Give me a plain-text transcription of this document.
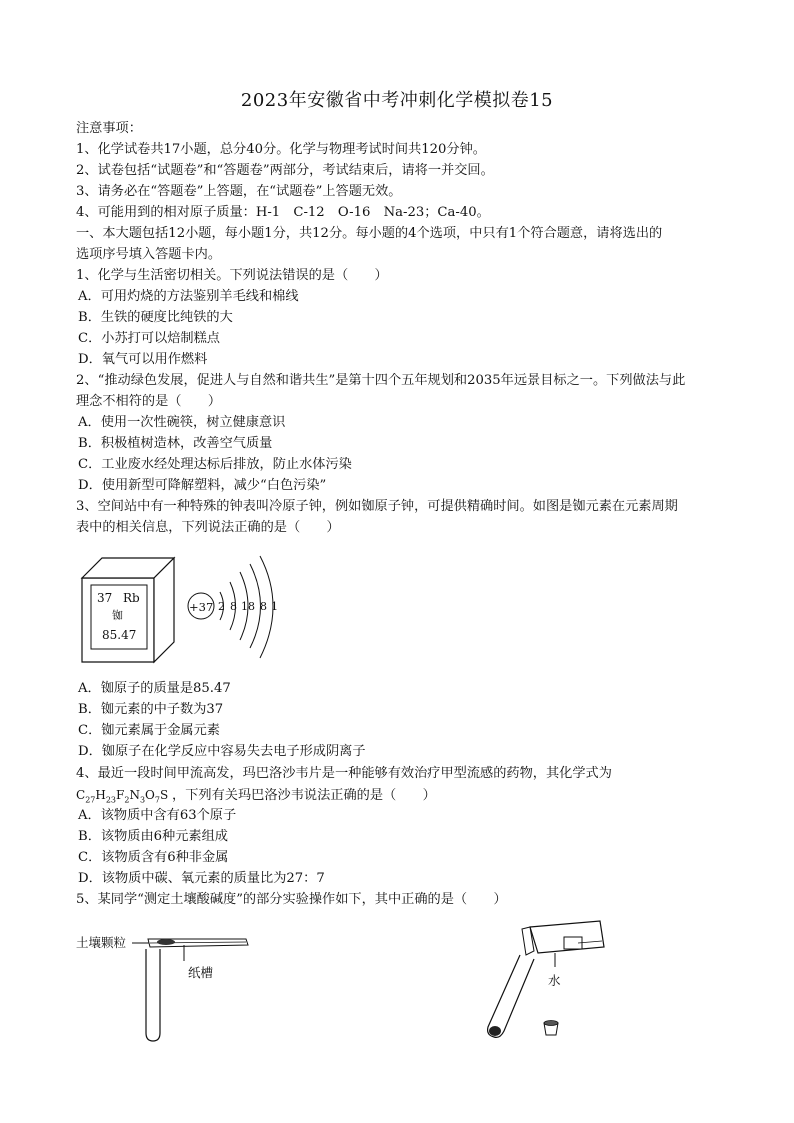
2023年安徽省中考冲刺化学模拟卷15
注意事项：
1、化学试卷共17小题，总分40分。化学与物理考试时间共120分钟。
2、试卷包括“试题卷”和“答题卷”两部分，考试结束后，请将一并交回。
3、请务必在“答题卷”上答题，在“试题卷”上答题无效。
4、可能用到的相对原子质量：H-1　C-12　O-16　Na-23；Ca-40。
一、本大题包括12小题，每小题1分，共12分。每小题的4个选项，中只有1个符合题意，请将选出的
选项序号填入答题卡内。
1、化学与生活密切相关。下列说法错误的是（　　）
A．可用灼烧的方法鉴别羊毛线和棉线
B．生铁的硬度比纯铁的大
C．小苏打可以焙制糕点
D．氧气可以用作燃料
2、“推动绿色发展，促进人与自然和谐共生”是第十四个五年规划和2035年远景目标之一。下列做法与此
理念不相符的是（　　）
A．使用一次性碗筷，树立健康意识
B．积极植树造林，改善空气质量
C．工业废水经处理达标后排放，防止水体污染
D．使用新型可降解塑料，减少“白色污染”
3、空间站中有一种特殊的钟表叫冷原子钟，例如铷原子钟，可提供精确时间。如图是铷元素在元素周期
表中的相关信息，下列说法正确的是（　　）
37 Rb
铷
85.47
+37 2 8 18 8 1
A．铷原子的质量是85.47
B．铷元素的中子数为37
C．铷元素属于金属元素
D．铷原子在化学反应中容易失去电子形成阴离子
4、最近一段时间甲流高发，玛巴洛沙韦片是一种能够有效治疗甲型流感的药物，其化学式为
$C_{27}H_{23}F_2N_3O_7S$ ，下列有关玛巴洛沙韦说法正确的是（　　）
A．该物质中含有63个原子
B．该物质由6种元素组成
C．该物质含有6种非金属
D．该物质中碳、氧元素的质量比为27：7
5、某同学“测定土壤酸碱度”的部分实验操作如下，其中正确的是（　　）
土壤颗粒
纸槽
水
